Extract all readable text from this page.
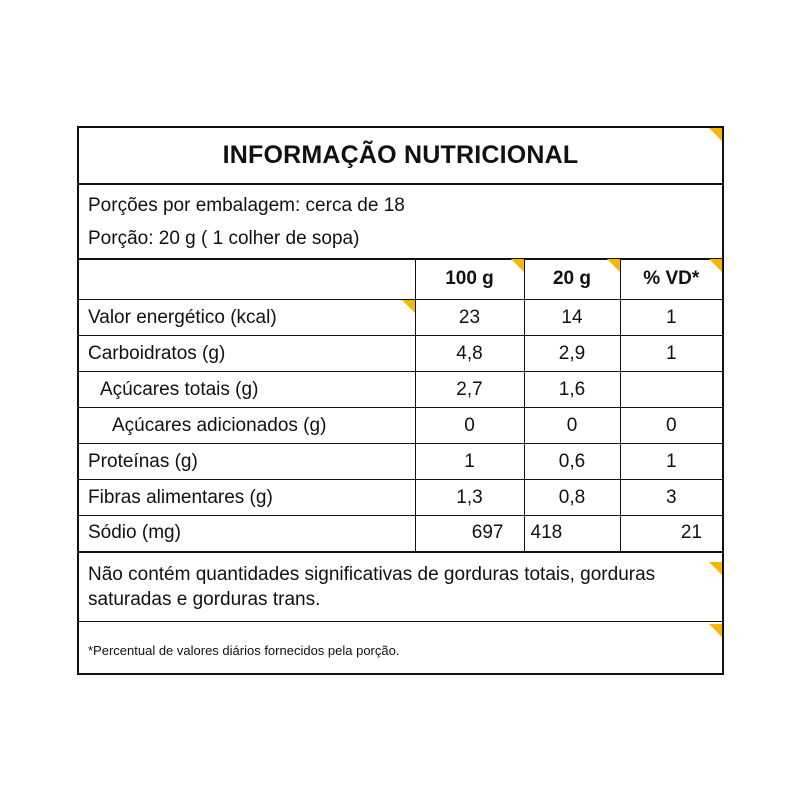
INFORMAÇÃO NUTRICIONAL
Porções por embalagem: cerca de 18
Porção: 20 g ( 1 colher de sopa)
	100 g	20 g	% VD*

Valor energético (kcal)	23	14	1
Carboidratos (g)	4,8	2,9	1
Açúcares totais (g)	2,7	1,6	
Açúcares adicionados (g)	0	0	0
Proteínas (g)	1	0,6	1
Fibras alimentares (g)	1,3	0,8	3
Sódio (mg)	697	418	21
Não contém quantidades significativas de gorduras totais, gorduras saturadas e gorduras trans.
*Percentual de valores diários fornecidos pela porção.
